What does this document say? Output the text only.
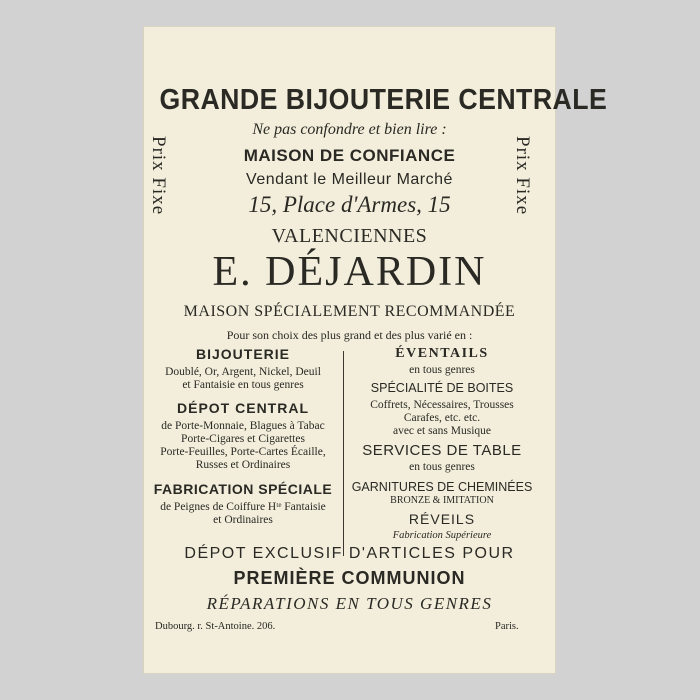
GRANDE BIJOUTERIE CENTRALE
Ne pas confondre et bien lire :
MAISON DE CONFIANCE
Vendant le Meilleur Marché
15, Place d'Armes, 15
VALENCIENNES
E. DÉJARDIN
MAISON SPÉCIALEMENT RECOMMANDÉE
Pour son choix des plus grand et des plus varié en :
Prix Fixe	Prix Fixe
BIJOUTERIE
Doublé, Or, Argent, Nickel, Deuil
et Fantaisie en tous genres
DÉPOT CENTRAL
de Porte-Monnaie, Blagues à Tabac
Porte-Cigares et Cigarettes
Porte-Feuilles, Porte-Cartes Écaille,
Russes et Ordinaires
FABRICATION SPÉCIALE
de Peignes de Coiffure Hᵗᵉ Fantaisie
et Ordinaires
ÉVENTAILS
en tous genres
SPÉCIALITÉ DE BOITES
Coffrets, Nécessaires, Trousses
Carafes, etc. etc.
avec et sans Musique
SERVICES DE TABLE
en tous genres
GARNITURES DE CHEMINÉES
BRONZE & IMITATION
RÉVEILS
Fabrication Supérieure
DÉPOT EXCLUSIF D'ARTICLES POUR
PREMIÈRE COMMUNION
RÉPARATIONS EN TOUS GENRES
Dubourg. r. St-Antoine. 206.	Paris.
